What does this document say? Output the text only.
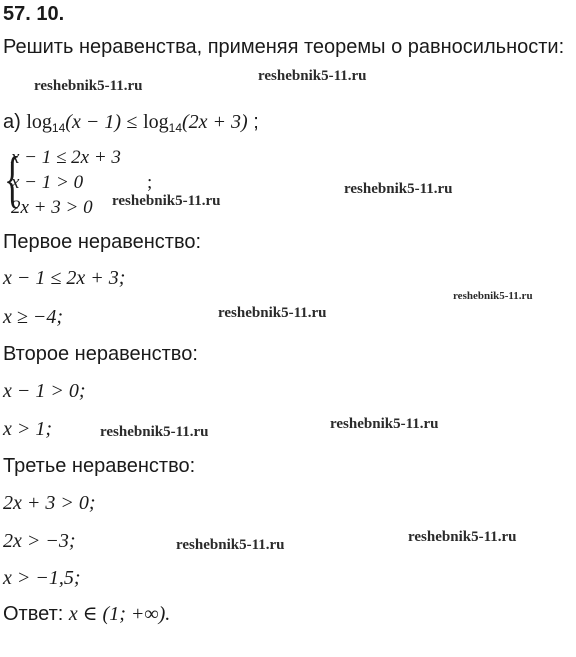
57. 10.
Решить неравенства, применяя теоремы о равносильности:
reshebnik5-11.ru
reshebnik5-11.ru
а) $\log_{14}(x - 1) \le \log_{14}(2x + 3)$ ;
{
x − 1 ≤ 2x + 3
x − 1 > 0	;
2x + 3 > 0 reshebnik5-11.ru
reshebnik5-11.ru
Первое неравенство:
x − 1 ≤ 2x + 3;
x ≥ −4;
reshebnik5-11.ru
reshebnik5-11.ru
Второе неравенство:
x − 1 > 0;
x > 1;	reshebnik5-11.ru	reshebnik5-11.ru
Третье неравенство:
2x + 3 > 0;
2x > −3;
x > −1,5;
reshebnik5-11.ru	reshebnik5-11.ru
Ответ: x ∈ (1; +∞).
